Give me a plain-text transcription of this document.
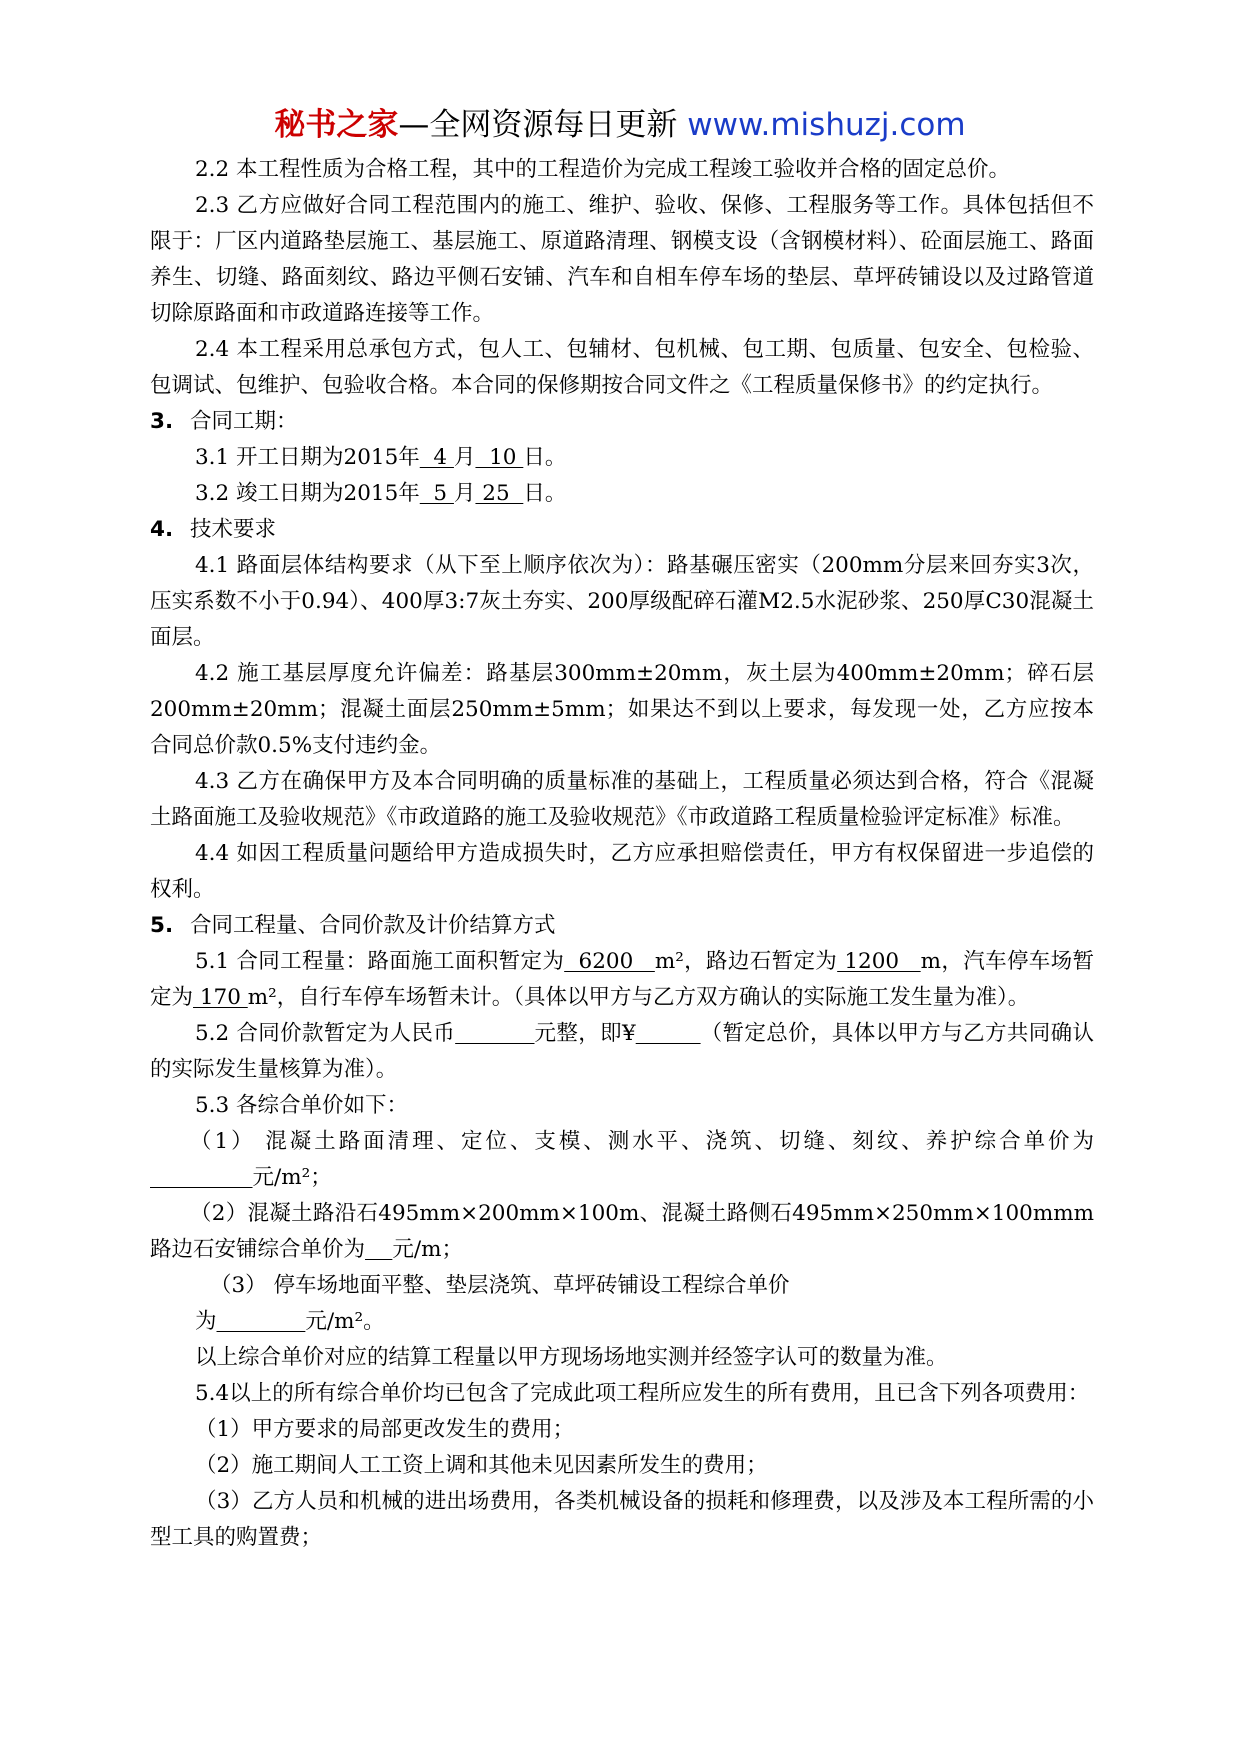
秘书之家—全网资源每日更新 www.mishuzj.com

2.2 本工程性质为合格工程，其中的工程造价为完成工程竣工验收并合格的固定总价。

2.3 乙方应做好合同工程范围内的施工、维护、验收、保修、工程服务等工作。具体包括但不限于：厂区内道路垫层施工、基层施工、原道路清理、钢模支设（含钢模材料）、砼面层施工、路面养生、切缝、路面刻纹、路边平侧石安铺、汽车和自相车停车场的垫层、草坪砖铺设以及过路管道切除原路面和市政道路连接等工作。

2.4 本工程采用总承包方式，包人工、包辅材、包机械、包工期、包质量、包安全、包检验、包调试、包维护、包验收合格。本合同的保修期按合同文件之《工程质量保修书》的约定执行。

3. 合同工期：

3.1 开工日期为2015年  4 月  10 日。

3.2 竣工日期为2015年  5 月 25  日。

4. 技术要求

4.1 路面层体结构要求（从下至上顺序依次为）：路基碾压密实（200mm分层来回夯实3次，压实系数不小于0.94）、400厚3:7灰土夯实、200厚级配碎石灌M2.5水泥砂浆、250厚C30混凝土面层。

4.2 施工基层厚度允许偏差：路基层300mm±20mm，灰土层为400mm±20mm；碎石层200mm±20mm；混凝土面层250mm±5mm；如果达不到以上要求，每发现一处，乙方应按本合同总价款0.5%支付违约金。

4.3 乙方在确保甲方及本合同明确的质量标准的基础上，工程质量必须达到合格，符合《混凝土路面施工及验收规范》《市政道路的施工及验收规范》《市政道路工程质量检验评定标准》标准。

4.4 如因工程质量问题给甲方造成损失时，乙方应承担赔偿责任，甲方有权保留进一步追偿的权利。

5. 合同工程量、合同价款及计价结算方式

5.1 合同工程量：路面施工面积暂定为  6200   m²，路边石暂定为 1200   m，汽车停车场暂定为 170 m²，自行车停车场暂未计。（具体以甲方与乙方双方确认的实际施工发生量为准）。

5.2 合同价款暂定为人民币	元整，即¥	（暂定总价，具体以甲方与乙方共同确认的实际发生量核算为准）。

5.3 各综合单价如下：

（1） 混凝土路面清理、定位、支模、测水平、浇筑、切缝、刻纹、养护综合单价为               元/m²；

（2）混凝土路沿石495mm×200mm×100m、混凝土路侧石495mm×250mm×100mmm路边石安铺综合单价为 元/m；

（3） 停车场地面平整、垫层浇筑、草坪砖铺设工程综合单价

为	元/m²。

以上综合单价对应的结算工程量以甲方现场场地实测并经签字认可的数量为准。

5.4以上的所有综合单价均已包含了完成此项工程所应发生的所有费用，且已含下列各项费用：

（1）甲方要求的局部更改发生的费用；

（2）施工期间人工工资上调和其他未见因素所发生的费用；

（3）乙方人员和机械的进出场费用，各类机械设备的损耗和修理费，以及涉及本工程所需的小型工具的购置费；
